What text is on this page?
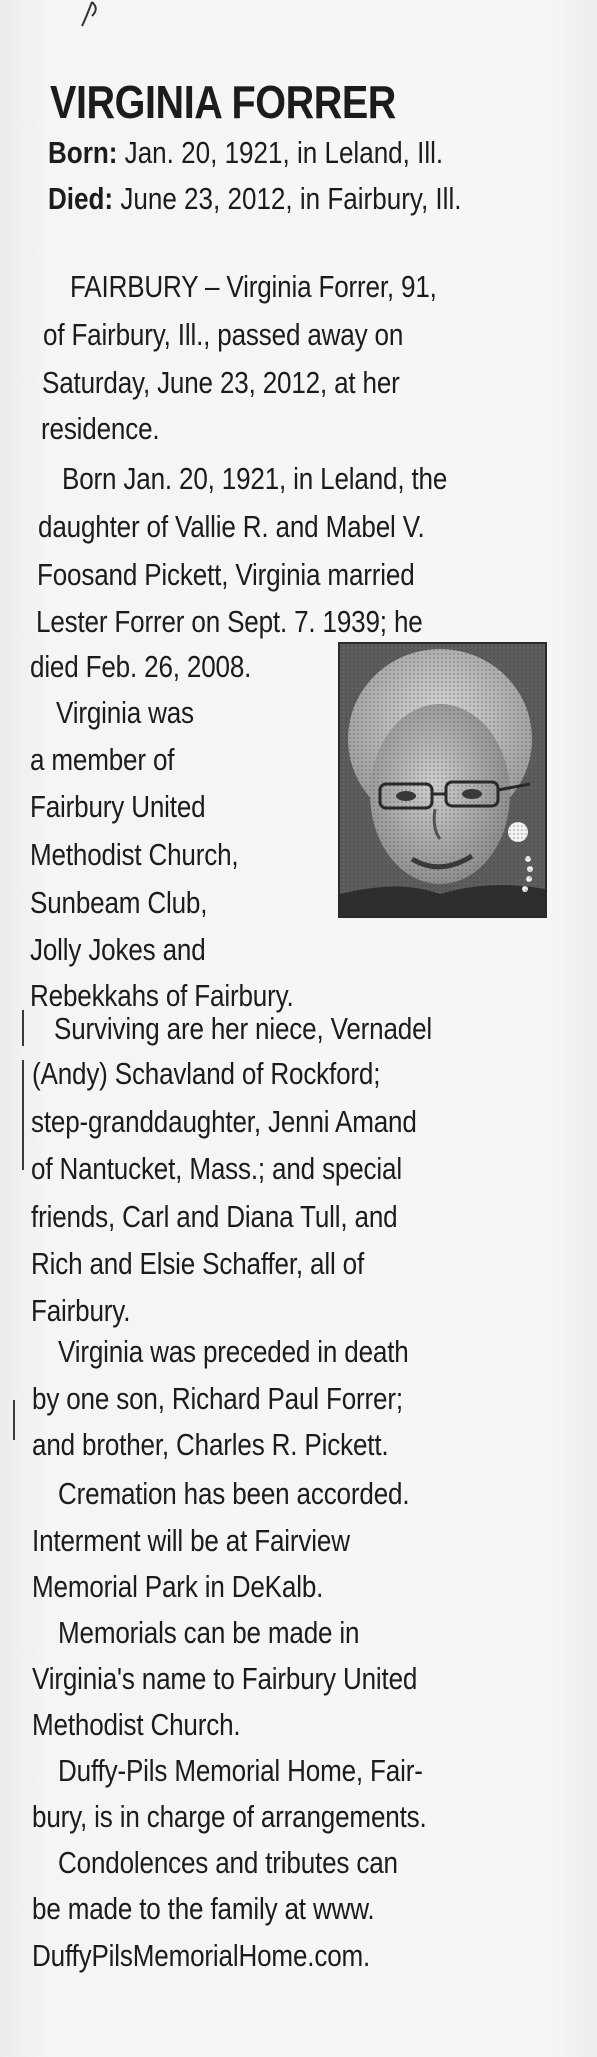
VIRGINIA FORRER
Born: Jan. 20, 1921, in Leland, Ill.
Died: June 23, 2012, in Fairbury, Ill.
FAIRBURY – Virginia Forrer, 91,
of Fairbury, Ill., passed away on
Saturday, June 23, 2012, at her
residence.
Born Jan. 20, 1921, in Leland, the
daughter of Vallie R. and Mabel V.
Foosand Pickett, Virginia married
Lester Forrer on Sept. 7. 1939; he
died Feb. 26, 2008.
Virginia was
a member of
Fairbury United
Methodist Church,
Sunbeam Club,
Jolly Jokes and
Rebekkahs of Fairbury.
Surviving are her niece, Vernadel
(Andy) Schavland of Rockford;
step-granddaughter, Jenni Amand
of Nantucket, Mass.; and special
friends, Carl and Diana Tull, and
Rich and Elsie Schaffer, all of
Fairbury.
Virginia was preceded in death
by one son, Richard Paul Forrer;
and brother, Charles R. Pickett.
Cremation has been accorded.
Interment will be at Fairview
Memorial Park in DeKalb.
Memorials can be made in
Virginia's name to Fairbury United
Methodist Church.
Duffy-Pils Memorial Home, Fair-
bury, is in charge of arrangements.
Condolences and tributes can
be made to the family at www.
DuffyPilsMemorialHome.com.
